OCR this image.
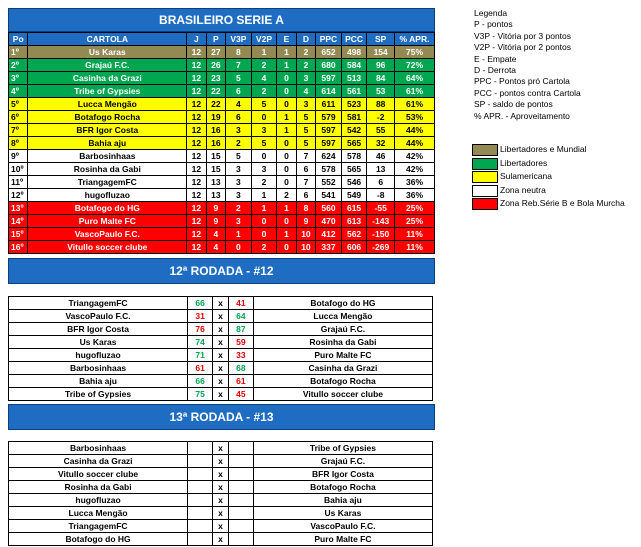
BRASILEIRO SERIE A
Po	CARTOLA	J	P	V3P	V2P	E	D	PPC	PCC	SP	% APR.
1º	Us Karas	12	27	8	1	1	2	652	498	154	75%
2º	Grajaú F.C.	12	26	7	2	1	2	680	584	96	72%
3º	Casinha da Grazi	12	23	5	4	0	3	597	513	84	64%
4º	Tribe of Gypsies	12	22	6	2	0	4	614	561	53	61%
5º	Lucca Mengão	12	22	4	5	0	3	611	523	88	61%
6º	Botafogo Rocha	12	19	6	0	1	5	579	581	-2	53%
7º	BFR Igor Costa	12	16	3	3	1	5	597	542	55	44%
8º	Bahia aju	12	16	2	5	0	5	597	565	32	44%
9º	Barbosinhaas	12	15	5	0	0	7	624	578	46	42%
10º	Rosinha da Gabi	12	15	3	3	0	6	578	565	13	42%
11º	TriangagemFC	12	13	3	2	0	7	552	546	6	36%
12º	hugofluzao	12	13	3	1	2	6	541	549	-8	36%
13º	Botafogo do HG	12	9	2	1	1	8	560	615	-55	25%
14º	Puro Malte FC	12	9	3	0	0	9	470	613	-143	25%
15º	VascoPaulo F.C.	12	4	1	0	1	10	412	562	-150	11%
16º	Vitullo soccer clube	12	4	0	2	0	10	337	606	-269	11%
12ª RODADA - #12
TriangagemFC	66	x	41	Botafogo do HG
VascoPaulo F.C.	31	x	64	Lucca Mengão
BFR Igor Costa	76	x	87	Grajaú F.C.
Us Karas	74	x	59	Rosinha da Gabi
hugofluzao	71	x	33	Puro Malte FC
Barbosinhaas	61	x	68	Casinha da Grazi
Bahia aju	66	x	61	Botafogo Rocha
Tribe of Gypsies	75	x	45	Vitullo soccer clube
13ª RODADA - #13
Barbosinhaas		x		Tribe of Gypsies
Casinha da Grazi		x		Grajaú F.C.
Vitullo soccer clube		x		BFR Igor Costa
Rosinha da Gabi		x		Botafogo Rocha
hugofluzao		x		Bahia aju
Lucca Mengão		x		Us Karas
TriangagemFC		x		VascoPaulo F.C.
Botafogo do HG		x		Puro Malte FC
Legenda
P - pontos
V3P - Vitória por 3 pontos
V2P - Vitória por 2 pontos
E - Empate
D - Derrota
PPC - Pontos pró Cartola
PCC - pontos contra Cartola
SP - saldo de pontos
% APR. - Aproveitamento
Libertadores e Mundial
Libertadores
Sulamericana
Zona neutra
Zona Reb.Série B e Bola Murcha
